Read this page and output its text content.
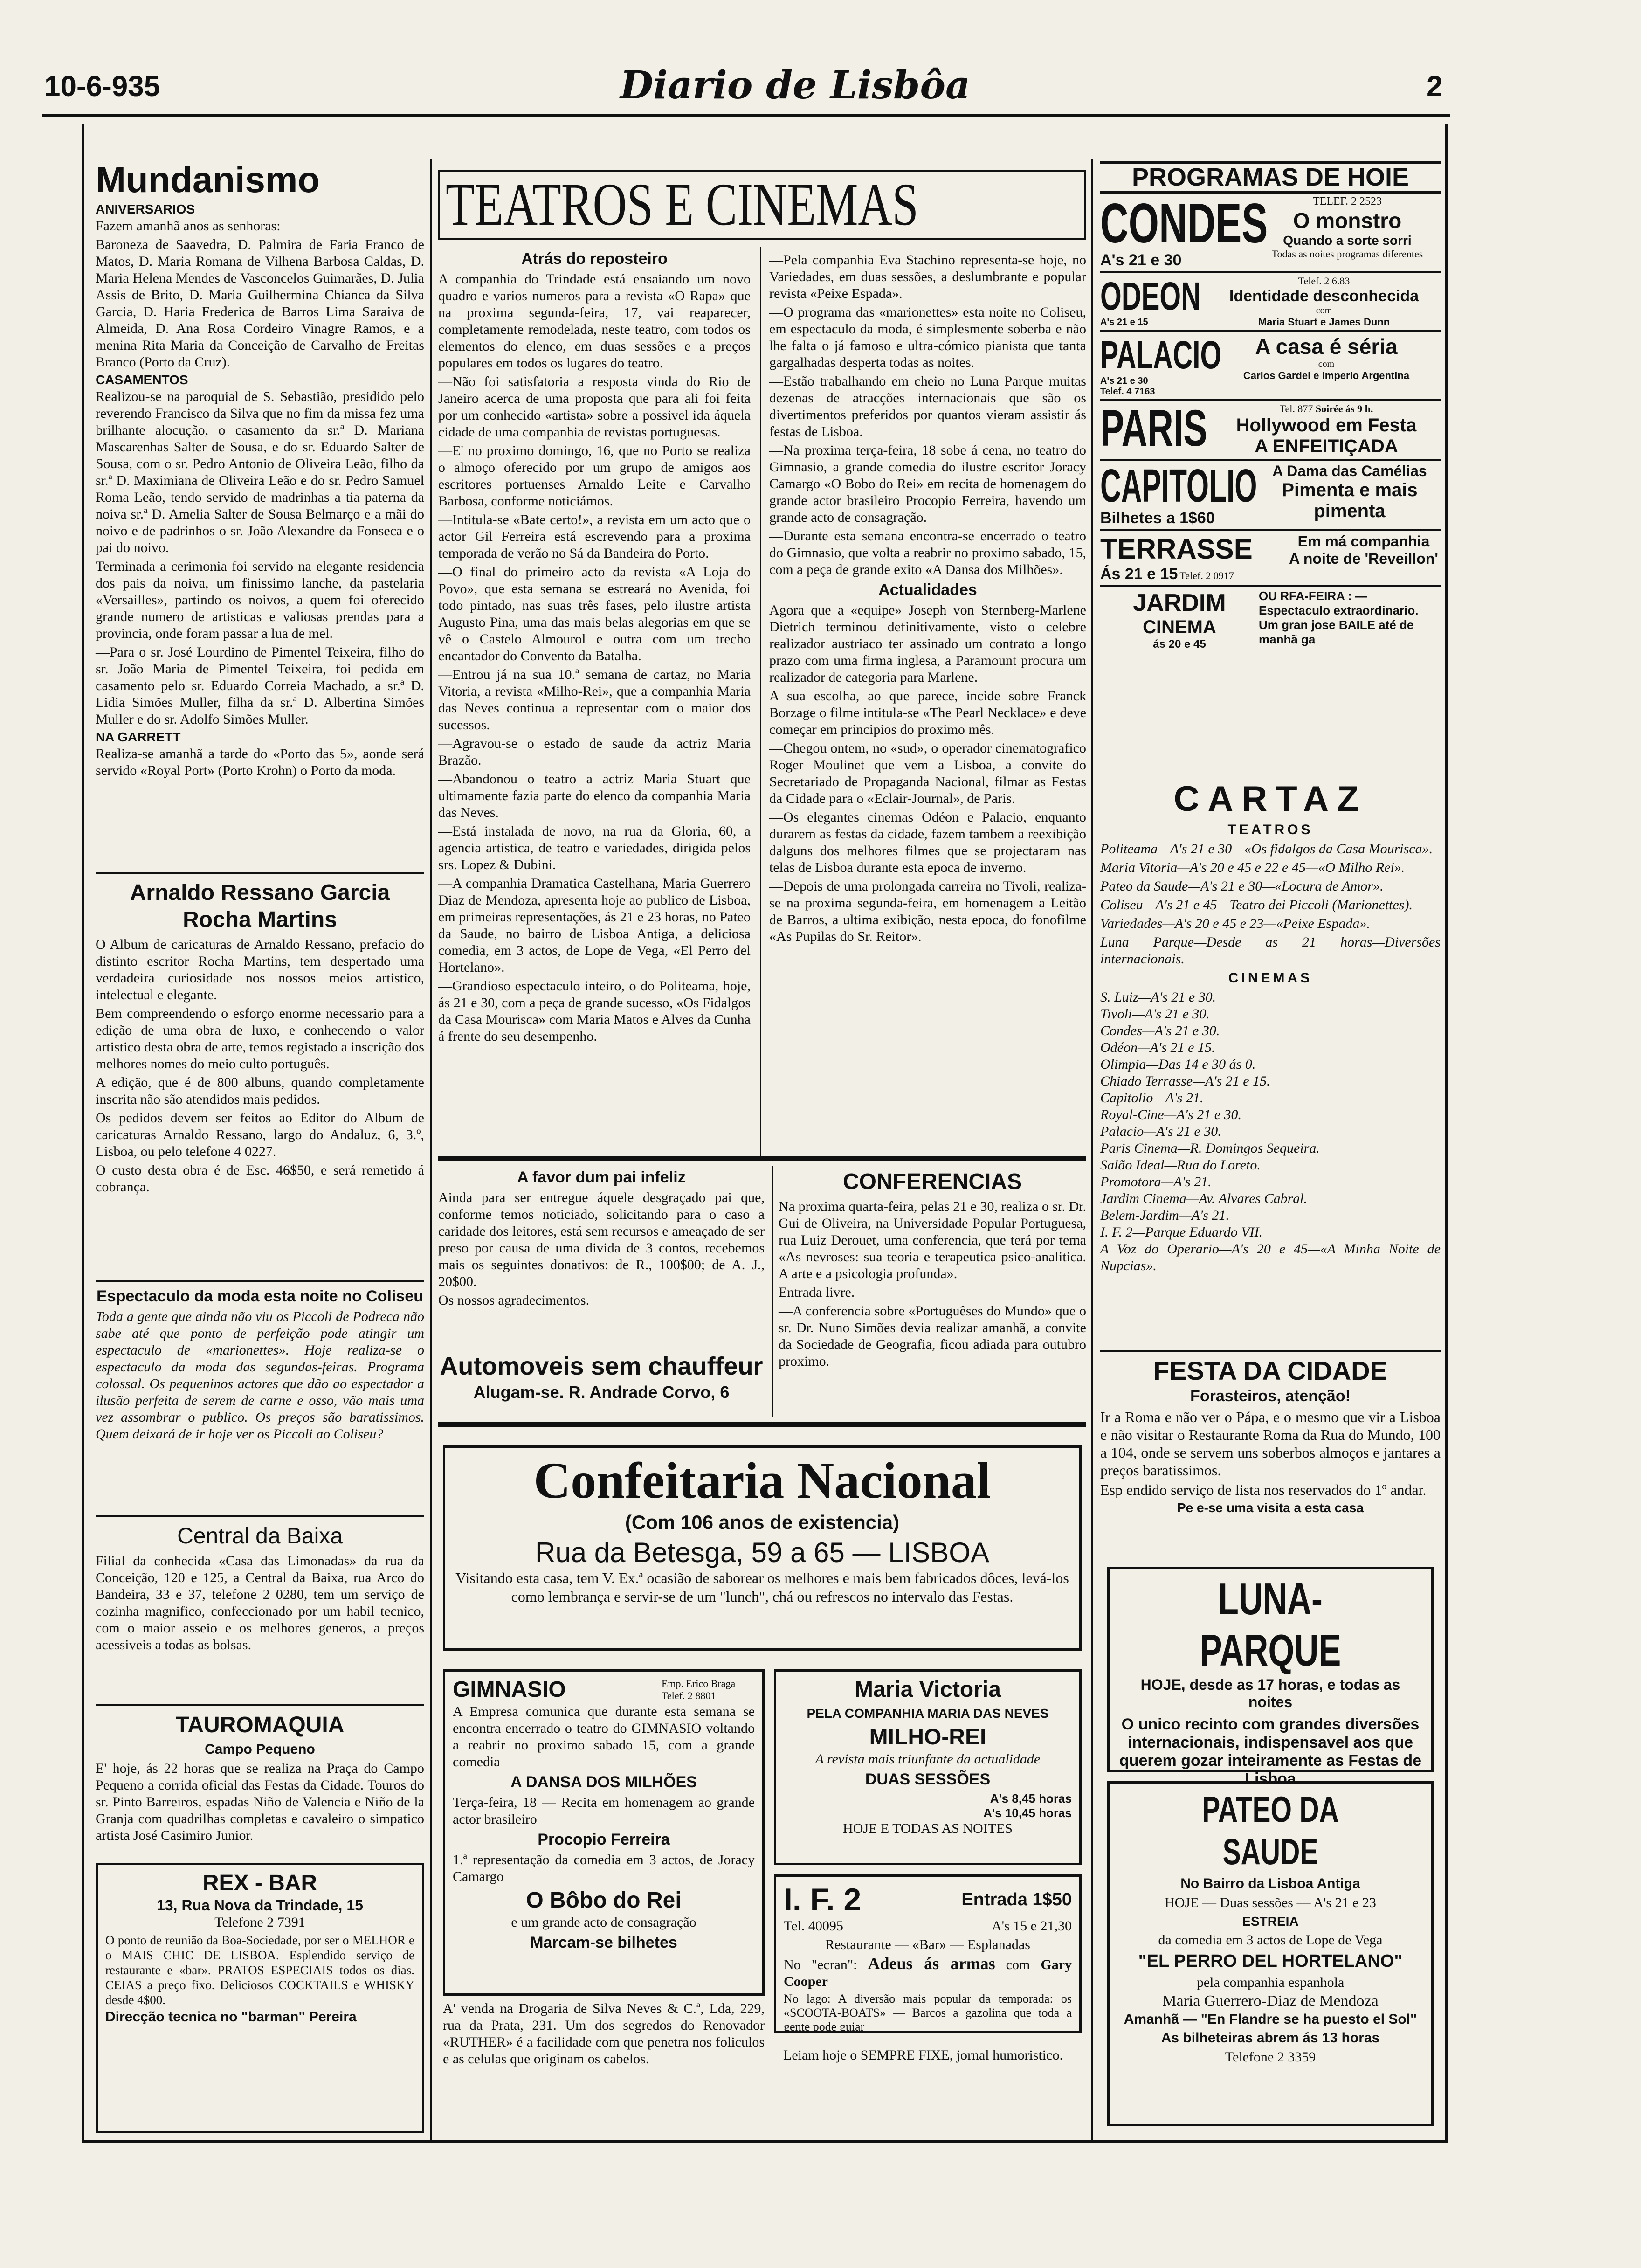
10-6-935	Diario de Lisbôa	2
Mundanismo
ANIVERSARIOS

Fazem amanhã anos as senhoras:

Baroneza de Saavedra, D. Palmira de Faria Franco de Matos, D. Maria Romana de Vilhena Barbosa Caldas, D. Maria Helena Mendes de Vasconcelos Guimarães, D. Julia Assis de Brito, D. Maria Guilhermina Chianca da Silva Garcia, D. Haria Frederica de Barros Lima Saraiva de Almeida, D. Ana Rosa Cordeiro Vinagre Ramos, e a menina Rita Maria da Conceição de Carvalho de Freitas Branco (Porto da Cruz).

CASAMENTOS

Realizou-se na paroquial de S. Sebastião, presidido pelo reverendo Francisco da Silva que no fim da missa fez uma brilhante alocução, o casamento da sr.ª D. Mariana Mascarenhas Salter de Sousa, e do sr. Eduardo Salter de Sousa, com o sr. Pedro Antonio de Oliveira Leão, filho da sr.ª D. Maximiana de Oliveira Leão e do sr. Pedro Samuel Roma Leão, tendo servido de madrinhas a tia paterna da noiva sr.ª D. Amelia Salter de Sousa Belmarço e a mãi do noivo e de padrinhos o sr. João Alexandre da Fonseca e o pai do noivo.

Terminada a cerimonia foi servido na elegante residencia dos pais da noiva, um finissimo lanche, da pastelaria «Versailles», partindo os noivos, a quem foi oferecido grande numero de artisticas e valiosas prendas para a provincia, onde foram passar a lua de mel.

—Para o sr. José Lourdino de Pimentel Teixeira, filho do sr. João Maria de Pimentel Teixeira, foi pedida em casamento pelo sr. Eduardo Correia Machado, a sr.ª D. Lidia Simões Muller, filha da sr.ª D. Albertina Simões Muller e do sr. Adolfo Simões Muller.

NA GARRETT

Realiza-se amanhã a tarde do «Porto das 5», aonde será servido «Royal Port» (Porto Krohn) o Porto da moda.

Arnaldo Ressano Garcia Rocha Martins

O Album de caricaturas de Arnaldo Ressano, prefacio do distinto escritor Rocha Martins, tem despertado uma verdadeira curiosidade nos nossos meios artistico, intelectual e elegante.

Bem compreendendo o esforço enorme necessario para a edição de uma obra de luxo, e conhecendo o valor artistico desta obra de arte, temos registado a inscrição dos melhores nomes do meio culto português.

A edição, que é de 800 albuns, quando completamente inscrita não são atendidos mais pedidos.

Os pedidos devem ser feitos ao Editor do Album de caricaturas Arnaldo Ressano, largo do Andaluz, 6, 3.º, Lisboa, ou pelo telefone 4 0227.

O custo desta obra é de Esc. 46$50, e será remetido á cobrança.

Espectaculo da moda esta noite no Coliseu

Toda a gente que ainda não viu os Piccoli de Podreca não sabe até que ponto de perfeição pode atingir um espectaculo de «marionettes». Hoje realiza-se o espectaculo da moda das segundas-feiras. Programa colossal. Os pequeninos actores que dão ao espectador a ilusão perfeita de serem de carne e osso, vão mais uma vez assombrar o publico. Os preços são baratissimos. Quem deixará de ir hoje ver os Piccoli ao Coliseu?

Central da Baixa

Filial da conhecida «Casa das Limonadas» da rua da Conceição, 120 e 125, a Central da Baixa, rua Arco do Bandeira, 33 e 37, telefone 2 0280, tem um serviço de cozinha magnifico, confeccionado por um habil tecnico, com o maior asseio e os melhores generos, a preços acessiveis a todas as bolsas.

TAUROMAQUIA
Campo Pequeno

E' hoje, ás 22 horas que se realiza na Praça do Campo Pequeno a corrida oficial das Festas da Cidade. Touros do sr. Pinto Barreiros, espadas Niño de Valencia e Niño de la Granja com quadrilhas completas e cavaleiro o simpatico artista José Casimiro Junior.

REX - BAR
13, Rua Nova da Trindade, 15
Telefone 2 7391

O ponto de reunião da Boa-Sociedade, por ser o MELHOR e o MAIS CHIC DE LISBOA. Esplendido serviço de restaurante e «bar». PRATOS ESPECIAIS todos os dias. CEIAS a preço fixo. Deliciosos COCKTAILS e WHISKY desde 4$00.

Direcção tecnica no "barman" Pereira
TEATROS E CINEMAS
Atrás do reposteiro

A companhia do Trindade está ensaiando um novo quadro e varios numeros para a revista «O Rapa» que na proxima segunda-feira, 17, vai reaparecer, completamente remodelada, neste teatro, com todos os elementos do elenco, em duas sessões e a preços populares em todos os lugares do teatro.

—Não foi satisfatoria a resposta vinda do Rio de Janeiro acerca de uma proposta que para ali foi feita por um conhecido «artista» sobre a possivel ida áquela cidade de uma companhia de revistas portuguesas.

—E' no proximo domingo, 16, que no Porto se realiza o almoço oferecido por um grupo de amigos aos escritores portuenses Arnaldo Leite e Carvalho Barbosa, conforme noticiámos.

—Intitula-se «Bate certo!», a revista em um acto que o actor Gil Ferreira está escrevendo para a proxima temporada de verão no Sá da Bandeira do Porto.

—O final do primeiro acto da revista «A Loja do Povo», que esta semana se estreará no Avenida, foi todo pintado, nas suas três fases, pelo ilustre artista Augusto Pina, uma das mais belas alegorias em que se vê o Castelo Almourol e outra com um trecho encantador do Convento da Batalha.

—Entrou já na sua 10.ª semana de cartaz, no Maria Vitoria, a revista «Milho-Rei», que a companhia Maria das Neves continua a representar com o maior dos sucessos.

—Agravou-se o estado de saude da actriz Maria Brazão.

—Abandonou o teatro a actriz Maria Stuart que ultimamente fazia parte do elenco da companhia Maria das Neves.

—Está instalada de novo, na rua da Gloria, 60, a agencia artistica, de teatro e variedades, dirigida pelos srs. Lopez & Dubini.

—A companhia Dramatica Castelhana, Maria Guerrero Diaz de Mendoza, apresenta hoje ao publico de Lisboa, em primeiras representações, ás 21 e 23 horas, no Pateo da Saude, no bairro de Lisboa Antiga, a deliciosa comedia, em 3 actos, de Lope de Vega, «El Perro del Hortelano».

—Grandioso espectaculo inteiro, o do Politeama, hoje, ás 21 e 30, com a peça de grande sucesso, «Os Fidalgos da Casa Mourisca» com Maria Matos e Alves da Cunha á frente do seu desempenho.

—Pela companhia Eva Stachino representa-se hoje, no Variedades, em duas sessões, a deslumbrante e popular revista «Peixe Espada».

—O programa das «marionettes» esta noite no Coliseu, em espectaculo da moda, é simplesmente soberba e não lhe falta o já famoso e ultra-cómico pianista que tanta gargalhadas desperta todas as noites.

—Estão trabalhando em cheio no Luna Parque muitas dezenas de atracções internacionais que são os divertimentos preferidos por quantos vieram assistir ás festas de Lisboa.

—Na proxima terça-feira, 18 sobe á cena, no teatro do Gimnasio, a grande comedia do ilustre escritor Joracy Camargo «O Bobo do Rei» em recita de homenagem do grande actor brasileiro Procopio Ferreira, havendo um grande acto de consagração.

—Durante esta semana encontra-se encerrado o teatro do Gimnasio, que volta a reabrir no proximo sabado, 15, com a peça de grande exito «A Dansa dos Milhões».

Actualidades

Agora que a «equipe» Joseph von Sternberg-Marlene Dietrich terminou definitivamente, visto o celebre realizador austriaco ter assinado um contrato a longo prazo com uma firma inglesa, a Paramount procura um realizador de categoria para Marlene.

A sua escolha, ao que parece, incide sobre Franck Borzage o filme intitula-se «The Pearl Necklace» e deve começar em principios do proximo mês.

—Chegou ontem, no «sud», o operador cinematografico Roger Moulinet que vem a Lisboa, a convite do Secretariado de Propaganda Nacional, filmar as Festas da Cidade para o «Eclair-Journal», de Paris.

—Os elegantes cinemas Odéon e Palacio, enquanto durarem as festas da cidade, fazem tambem a reexibição dalguns dos melhores filmes que se projectaram nas telas de Lisboa durante esta epoca de inverno.

—Depois de uma prolongada carreira no Tivoli, realiza-se na proxima segunda-feira, em homenagem a Leitão de Barros, a ultima exibição, nesta epoca, do fonofilme «As Pupilas do Sr. Reitor».

A favor dum pai infeliz

Ainda para ser entregue áquele desgraçado pai que, conforme temos noticiado, solicitando para o caso a caridade dos leitores, está sem recursos e ameaçado de ser preso por causa de uma divida de 3 contos, recebemos mais os seguintes donativos: de R., 100$00; de A. J., 20$00.

Os nossos agradecimentos.

Automoveis sem chauffeur
Alugam-se. R. Andrade Corvo, 6
CONFERENCIAS

Na proxima quarta-feira, pelas 21 e 30, realiza o sr. Dr. Gui de Oliveira, na Universidade Popular Portuguesa, rua Luiz Derouet, uma conferencia, que terá por tema «As nevroses: sua teoria e terapeutica psico-analitica. A arte e a psicologia profunda».

Entrada livre.

—A conferencia sobre «Portuguêses do Mundo» que o sr. Dr. Nuno Simões devia realizar amanhã, a convite da Sociedade de Geografia, ficou adiada para outubro proximo.

Confeitaria Nacional
(Com 106 anos de existencia)
Rua da Betesga, 59 a 65 — LISBOA

Visitando esta casa, tem V. Ex.ª ocasião de saborear os melhores e mais bem fabricados dôces, levá-los como lembrança e servir-se de um "lunch", chá ou refrescos no intervalo das Festas.

GIMNASIO	Emp. Erico Braga Telef. 2 8801

A Empresa comunica que durante esta semana se encontra encerrado o teatro do GIMNASIO voltando a reabrir no proximo sabado 15, com a grande comedia

A DANSA DOS MILHÕES

Terça-feira, 18 — Recita em homenagem ao grande actor brasileiro

Procopio Ferreira

1.ª representação da comedia em 3 actos, de Joracy Camargo

O Bôbo do Rei
e um grande acto de consagração
Marcam-se bilhetes

A' venda na Drogaria de Silva Neves & C.ª, Lda, 229, rua da Prata, 231. Um dos segredos do Renovador «RUTHER» é a facilidade com que penetra nos foliculos e as celulas que originam os cabelos.

Maria Victoria
PELA COMPANHIA MARIA DAS NEVES
MILHO-REI
A revista mais triunfante da actualidade
DUAS SESSÕES
A's 8,45 horas
A's 10,45 horas
HOJE E TODAS AS NOITES
I. F. 2	Entrada 1$50
Tel. 40095	A's 15 e 21,30
Restaurante — «Bar» — Esplanadas
No "ecran": Adeus ás armas com Gary Cooper

No lago: A diversão mais popular da temporada: os «SCOOTA-BOATS» — Barcos a gazolina que toda a gente pode guiar

Leiam hoje o SEMPRE FIXE, jornal humoristico.

PROGRAMAS DE HOIE
CONDES
A's 21 e 30
TELEF. 2 2523
O monstro
Quando a sorte sorri
Todas as noites programas diferentes
ODEON
A's 21 e 15
Telef. 2 6.83
Identidade desconhecida
com
Maria Stuart e James Dunn
PALACIO
A's 21 e 30
Telef. 4 7163
A casa é séria
com
Carlos Gardel e Imperio Argentina
PARIS	Tel. 877 Soirée ás 9 h.
Hollywood em Festa
A ENFEITIÇADA
CAPITOLIO
Bilhetes a 1$60
A Dama das Camélias
Pimenta e mais pimenta
TERRASSE
Ás 21 e 15 Telef. 2 0917
Em má companhia
A noite de 'Reveillon'
JARDIM
CINEMA
ás 20 e 45
OU RFA-FEIRA : — Espectaculo extraordinario. Um gran jose BAILE até de manhã ga
CARTAZ
TEATROS

Politeama—A's 21 e 30—«Os fidalgos da Casa Mourisca».

Maria Vitoria—A's 20 e 45 e 22 e 45—«O Milho Rei».

Pateo da Saude—A's 21 e 30—«Locura de Amor».

Coliseu—A's 21 e 45—Teatro dei Piccoli (Marionettes).

Variedades—A's 20 e 45 e 23—«Peixe Espada».

Luna Parque—Desde as 21 horas—Diversões internacionais.

CINEMAS

S. Luiz—A's 21 e 30.

Tivoli—A's 21 e 30.

Condes—A's 21 e 30.

Odéon—A's 21 e 15.

Olimpia—Das 14 e 30 ás 0.

Chiado Terrasse—A's 21 e 15.

Capitolio—A's 21.

Royal-Cine—A's 21 e 30.

Palacio—A's 21 e 30.

Paris Cinema—R. Domingos Sequeira.

Salão Ideal—Rua do Loreto.

Promotora—A's 21.

Jardim Cinema—Av. Alvares Cabral.

Belem-Jardim—A's 21.

I. F. 2—Parque Eduardo VII.

A Voz do Operario—A's 20 e 45—«A Minha Noite de Nupcias».

FESTA DA CIDADE
Forasteiros, atenção!

Ir a Roma e não ver o Pápa, e o mesmo que vir a Lisboa e não visitar o Restaurante Roma da Rua do Mundo, 100 a 104, onde se servem uns soberbos almoços e jantares a preços baratissimos.

Esp endido serviço de lista nos reservados do 1º andar.

Pe e-se uma visita a esta casa
LUNA-PARQUE
HOJE, desde as 17 horas, e todas as noites
O unico recinto com grandes diversões internacionais, indispensavel aos que querem gozar inteiramente as Festas de Lisboa
PATEO DA SAUDE
No Bairro da Lisboa Antiga
HOJE — Duas sessões — A's 21 e 23
ESTREIA
da comedia em 3 actos de Lope de Vega
"EL PERRO DEL HORTELANO"
pela companhia espanhola
Maria Guerrero-Diaz de Mendoza
Amanhã — "En Flandre se ha puesto el Sol"
As bilheteiras abrem ás 13 horas
Telefone 2 3359
